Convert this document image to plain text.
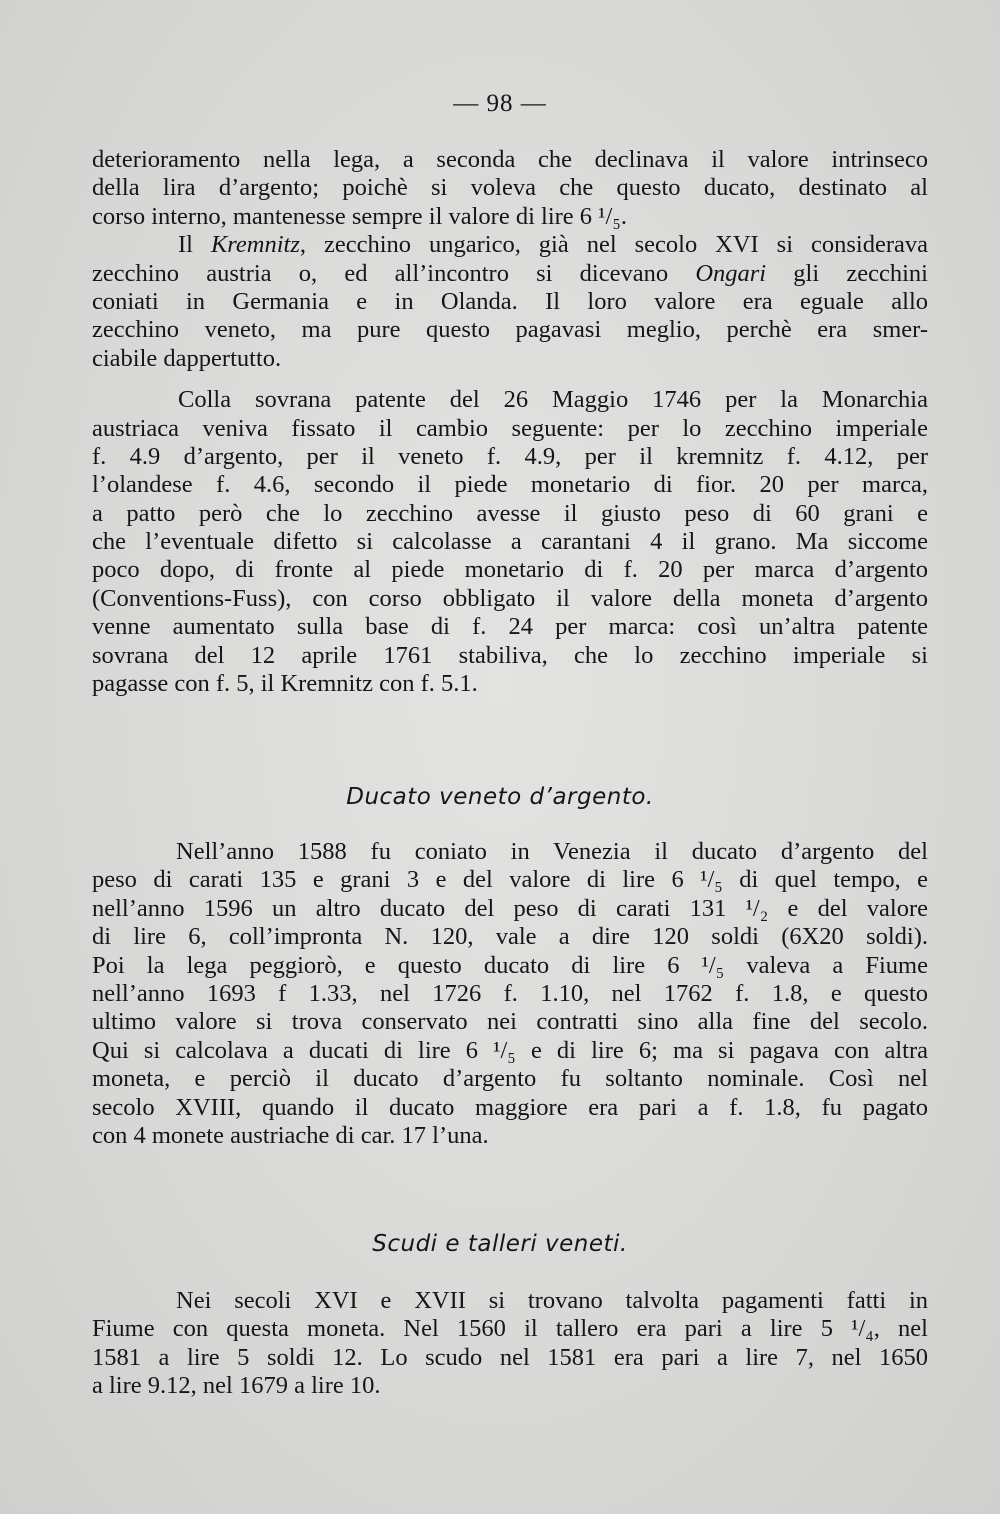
— 98 —
deterioramento nella lega, a seconda che declinava il valore intrinseco
della lira d’argento; poichè si voleva che questo ducato, destinato al
corso interno, mantenesse sempre il valore di lire 6 ¹/₅.
Il Kremnitz, zecchino ungarico, già nel secolo XVI si considerava
zecchino austria o, ed all’incontro si dicevano Ongari gli zecchini
coniati in Germania e in Olanda. Il loro valore era eguale allo
zecchino veneto, ma pure questo pagavasi meglio, perchè era smer-
ciabile dappertutto.
Colla sovrana patente del 26 Maggio 1746 per la Monarchia
austriaca veniva fissato il cambio seguente: per lo zecchino imperiale
f. 4.9 d’argento, per il veneto f. 4.9, per il kremnitz f. 4.12, per
l’olandese f. 4.6, secondo il piede monetario di fior. 20 per marca,
a patto però che lo zecchino avesse il giusto peso di 60 grani e
che l’eventuale difetto si calcolasse a carantani 4 il grano. Ma siccome
poco dopo, di fronte al piede monetario di f. 20 per marca d’argento
(Conventions-Fuss), con corso obbligato il valore della moneta d’argento
venne aumentato sulla base di f. 24 per marca: così un’altra patente
sovrana del 12 aprile 1761 stabiliva, che lo zecchino imperiale si
pagasse con f. 5, il Kremnitz con f. 5.1.
Ducato veneto d’argento.
Nell’anno 1588 fu coniato in Venezia il ducato d’argento del
peso di carati 135 e grani 3 e del valore di lire 6 ¹/₅ di quel tempo, e
nell’anno 1596 un altro ducato del peso di carati 131 ¹/₂ e del valore
di lire 6, coll’impronta N. 120, vale a dire 120 soldi (6X20 soldi).
Poi la lega peggiorò, e questo ducato di lire 6 ¹/₅ valeva a Fiume
nell’anno 1693 f 1.33, nel 1726 f. 1.10, nel 1762 f. 1.8, e questo
ultimo valore si trova conservato nei contratti sino alla fine del secolo.
Qui si calcolava a ducati di lire 6 ¹/₅ e di lire 6; ma si pagava con altra
moneta, e perciò il ducato d’argento fu soltanto nominale. Così nel
secolo XVIII, quando il ducato maggiore era pari a f. 1.8, fu pagato
con 4 monete austriache di car. 17 l’una.
Scudi e talleri veneti.
Nei secoli XVI e XVII si trovano talvolta pagamenti fatti in
Fiume con questa moneta. Nel 1560 il tallero era pari a lire 5 ¹/₄, nel
1581 a lire 5 soldi 12. Lo scudo nel 1581 era pari a lire 7, nel 1650
a lire 9.12, nel 1679 a lire 10.
